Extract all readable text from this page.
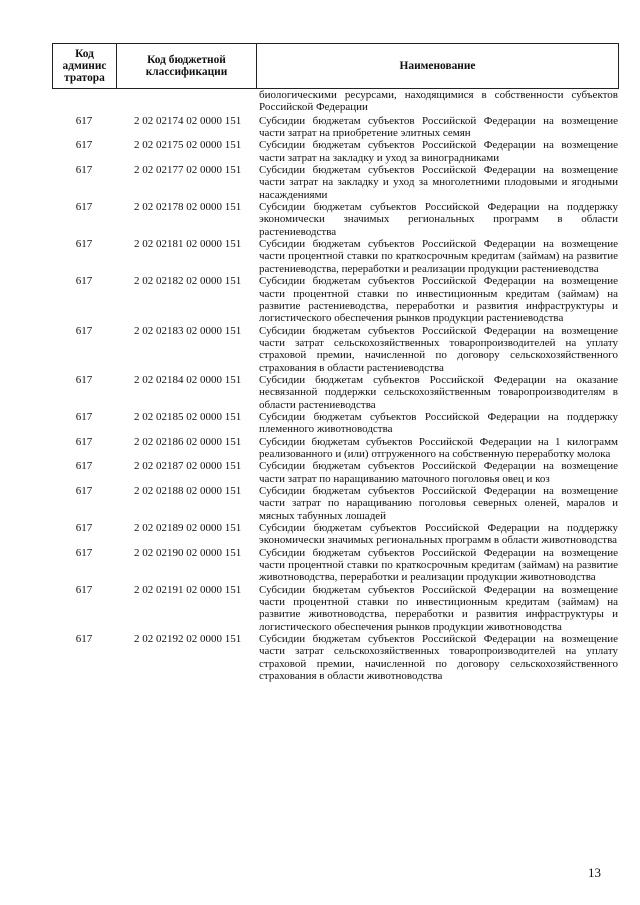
Код админис тратора	Код бюджетной классификации	Наименование
		биологическими ресурсами, находящимися в собственности субъектов Российской Федерации
617	2 02 02174 02 0000 151	Субсидии бюджетам субъектов Российской Федерации на возмещение части затрат на приобретение элитных семян
617	2 02 02175 02 0000 151	Субсидии бюджетам субъектов Российской Федерации на возмещение части затрат на закладку и уход за виноградниками
617	2 02 02177 02 0000 151	Субсидии бюджетам субъектов Российской Федерации на возмещение части затрат на закладку и уход за многолетними плодовыми и ягодными насаждениями
617	2 02 02178 02 0000 151	Субсидии бюджетам субъектов Российской Федерации на поддержку экономически значимых региональных программ в области растениеводства
617	2 02 02181 02 0000 151	Субсидии бюджетам субъектов Российской Федерации на возмещение части процентной ставки по краткосрочным кредитам (займам) на развитие растениеводства, переработки и реализации продукции растениеводства
617	2 02 02182 02 0000 151	Субсидии бюджетам субъектов Российской Федерации на возмещение части процентной ставки по инвестиционным кредитам (займам) на развитие растениеводства, переработки и развития инфраструктуры и логистического обеспечения рынков продукции растениеводства
617	2 02 02183 02 0000 151	Субсидии бюджетам субъектов Российской Федерации на возмещение части затрат сельскохозяйственных товаропроизводителей на уплату страховой премии, начисленной по договору сельскохозяйственного страхования в области растениеводства
617	2 02 02184 02 0000 151	Субсидии бюджетам субъектов Российской Федерации на оказание несвязанной поддержки сельскохозяйственным товаропроизводителям в области растениеводства
617	2 02 02185 02 0000 151	Субсидии бюджетам субъектов Российской Федерации на поддержку племенного животноводства
617	2 02 02186 02 0000 151	Субсидии бюджетам субъектов Российской Федерации на 1 килограмм реализованного и (или) отгруженного на собственную переработку молока
617	2 02 02187 02 0000 151	Субсидии бюджетам субъектов Российской Федерации на возмещение части затрат по наращиванию маточного поголовья овец и коз
617	2 02 02188 02 0000 151	Субсидии бюджетам субъектов Российской Федерации на возмещение части затрат по наращиванию поголовья северных оленей, маралов и мясных табунных лошадей
617	2 02 02189 02 0000 151	Субсидии бюджетам субъектов Российской Федерации на поддержку экономически значимых региональных программ в области животноводства
617	2 02 02190 02 0000 151	Субсидии бюджетам субъектов Российской Федерации на возмещение части процентной ставки по краткосрочным кредитам (займам) на развитие животноводства, переработки и реализации продукции животноводства
617	2 02 02191 02 0000 151	Субсидии бюджетам субъектов Российской Федерации на возмещение части процентной ставки по инвестиционным кредитам (займам) на развитие животноводства, переработки и развития инфраструктуры и логистического обеспечения рынков продукции животноводства
617	2 02 02192 02 0000 151	Субсидии бюджетам субъектов Российской Федерации на возмещение части затрат сельскохозяйственных товаропроизводителей на уплату страховой премии, начисленной по договору сельскохозяйственного страхования в области животноводства
13
